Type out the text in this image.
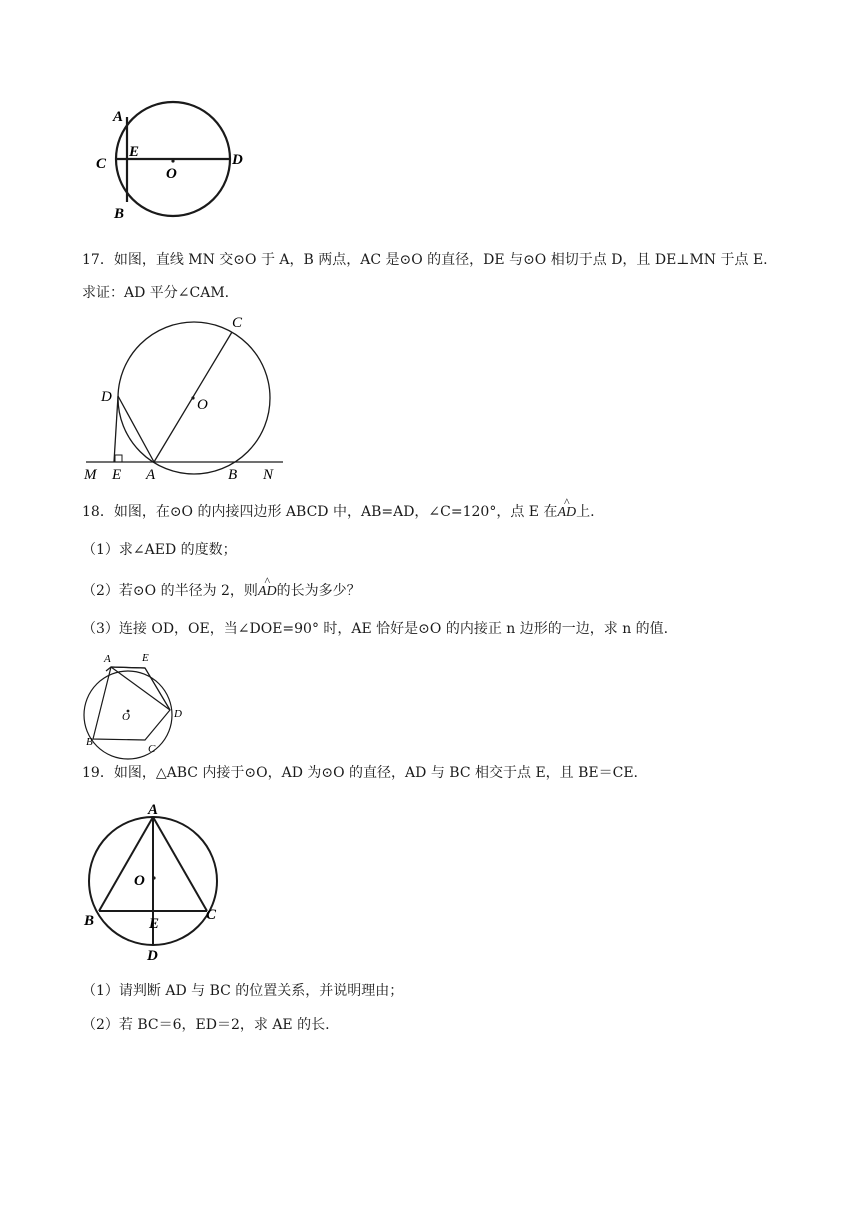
A
C
E
O
D
B
17．如图，直线 MN 交⊙O 于 A，B 两点，AC 是⊙O 的直径，DE 与⊙O 相切于点 D，且 DE⊥MN 于点 E.
求证：AD 平分∠CAM.
C
D	O
M E A	B N
18．如图，在⊙O 的内接四边形 ABCD 中，AB=AD，∠C=120°，点 E 在
^
AD上.
（1）求∠AED 的度数；
（2）若⊙O 的半径为 2，则
^
AD的长为多少？
（3）连接 OD，OE，当∠DOE=90° 时，AE 恰好是⊙O 的内接正 n 边形的一边，求 n 的值.
A	E
O	D
B
C
19．如图，△ABC 内接于⊙O，AD 为⊙O 的直径，AD 与 BC 相交于点 E，且 BE＝CE.
A
O
B	E
C
D
（1）请判断 AD 与 BC 的位置关系，并说明理由；
（2）若 BC＝6，ED＝2，求 AE 的长.
